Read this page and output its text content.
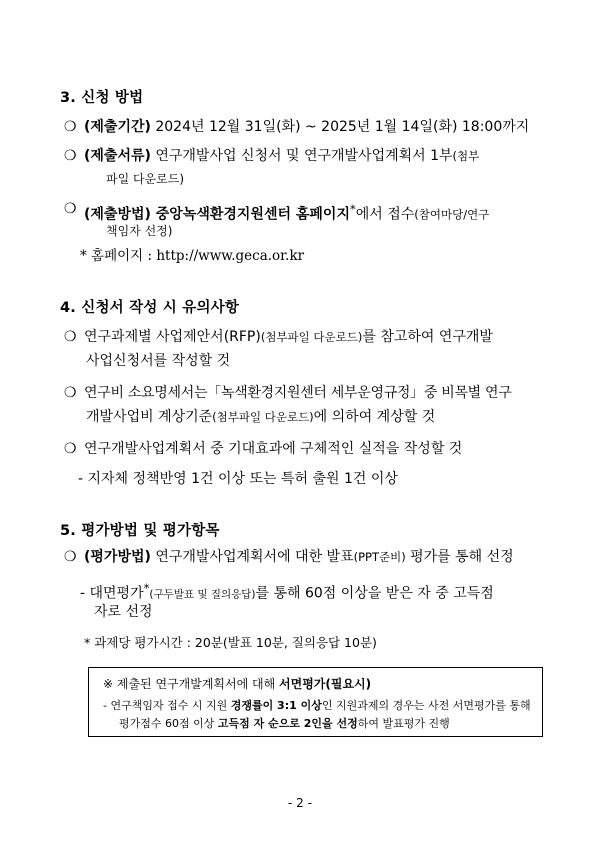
3. 신청 방법
❍ (제출기간) 2024년 12월 31일(화) ~ 2025년 1월 14일(화) 18:00까지
❍ (제출서류) 연구개발사업 신청서 및 연구개발사업계획서 1부(첨부
파일 다운로드)
❍ (제출방법) 중앙녹색환경지원센터 홈페이지*에서 접수(참여마당/연구
책임자 선정)
* 홈페이지 : http://www.geca.or.kr
4. 신청서 작성 시 유의사항
❍ 연구과제별 사업제안서(RFP)(첨부파일 다운로드)를 참고하여 연구개발
사업신청서를 작성할 것
❍ 연구비 소요명세서는「녹색환경지원센터 세부운영규정」중 비목별 연구
개발사업비 계상기준(첨부파일 다운로드)에 의하여 계상할 것
❍ 연구개발사업계획서 중 기대효과에 구체적인 실적을 작성할 것
- 지자체 정책반영 1건 이상 또는 특허 출원 1건 이상
5. 평가방법 및 평가항목
❍ (평가방법) 연구개발사업계획서에 대한 발표(PPT준비) 평가를 통해 선정
- 대면평가*(구두발표 및 질의응답)를 통해 60점 이상을 받은 자 중 고득점
자로 선정
* 과제당 평가시간 : 20분(발표 10분, 질의응답 10분)
※ 제출된 연구개발계획서에 대해 서면평가(필요시)
- 연구책임자 접수 시 지원 경쟁률이 3:1 이상인 지원과제의 경우는 사전 서면평가를 통해
평가점수 60점 이상 고득점 자 순으로 2인을 선정하여 발표평가 진행
- 2 -
